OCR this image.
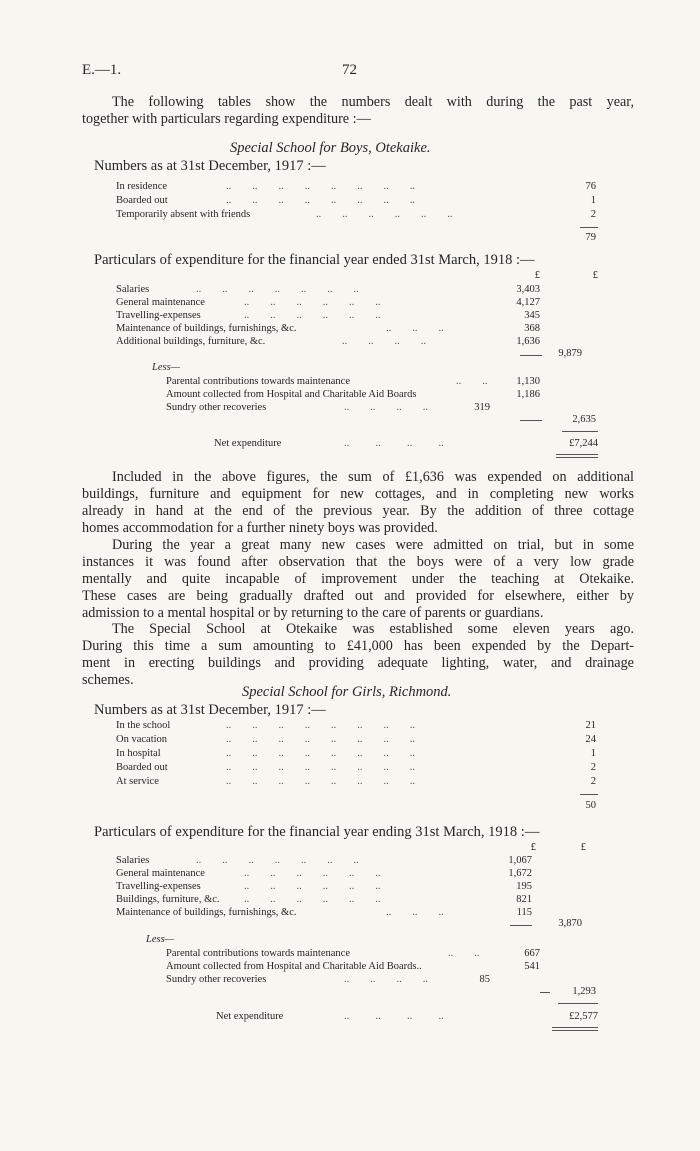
E.—1.	72
The following tables show the numbers dealt with during the past year,
together with particulars regarding expenditure :—
Special School for Boys, Otekaike.
Numbers as at 31st December, 1917 :—
In residence	..        ..        ..        ..        ..        ..        ..        ..	76
Boarded out	..        ..        ..        ..        ..        ..        ..        ..	1
Temporarily absent with friends	..        ..        ..        ..        ..        ..	2
79
Particulars of expenditure for the financial year ended 31st March, 1918 :—
£	£
Salaries	..        ..        ..        ..        ..        ..        ..	3,403
General maintenance	..        ..        ..        ..        ..        ..	4,127
Travelling-expenses	..        ..        ..        ..        ..        ..	345
Maintenance of buildings, furnishings, &c.	..        ..        ..	368
Additional buildings, furniture, &c.	..        ..        ..        ..	1,636
9,879
Less—
Parental contributions towards maintenance	..        ..	1,130
Amount collected from Hospital and Charitable Aid Boards	1,186
Sundry other recoveries	..        ..        ..        ..	319
2,635
Net expenditure	..          ..          ..          ..	£7,244
Included in the above figures, the sum of £1,636 was expended on additional
buildings, furniture and equipment for new cottages, and in completing new works
already in hand at the end of the previous year. By the addition of three cottage
homes accommodation for a further ninety boys was provided.
During the year a great many new cases were admitted on trial, but in some
instances it was found after observation that the boys were of a very low grade
mentally and quite incapable of improvement under the teaching at Otekaike.
These cases are being gradually drafted out and provided for elsewhere, either by
admission to a mental hospital or by returning to the care of parents or guardians.
The Special School at Otekaike was established some eleven years ago.
During this time a sum amounting to £41,000 has been expended by the Depart-
ment in erecting buildings and providing adequate lighting, water, and drainage
schemes.
Special School for Girls, Richmond.
Numbers as at 31st December, 1917 :—
In the school	..        ..        ..        ..        ..        ..        ..        ..	21
On vacation	..        ..        ..        ..        ..        ..        ..        ..	24
In hospital	..        ..        ..        ..        ..        ..        ..        ..	1
Boarded out	..        ..        ..        ..        ..        ..        ..        ..	2
At service	..        ..        ..        ..        ..        ..        ..        ..	2
50
Particulars of expenditure for the financial year ending 31st March, 1918 :—
£	£
Salaries	..        ..        ..        ..        ..        ..        ..	1,067
General maintenance	..        ..        ..        ..        ..        ..	1,672
Travelling-expenses	..        ..        ..        ..        ..        ..	195
Buildings, furniture, &c. ..        ..        ..        ..        ..        ..	821
Maintenance of buildings, furnishings, &c.	..        ..        ..	115
3,870
Less—
Parental contributions towards maintenance	..        ..	667
Amount collected from Hospital and Charitable Aid Boards..	541
Sundry other recoveries	..        ..        ..        ..	85
1,293
Net expenditure	..          ..          ..          ..	£2,577
